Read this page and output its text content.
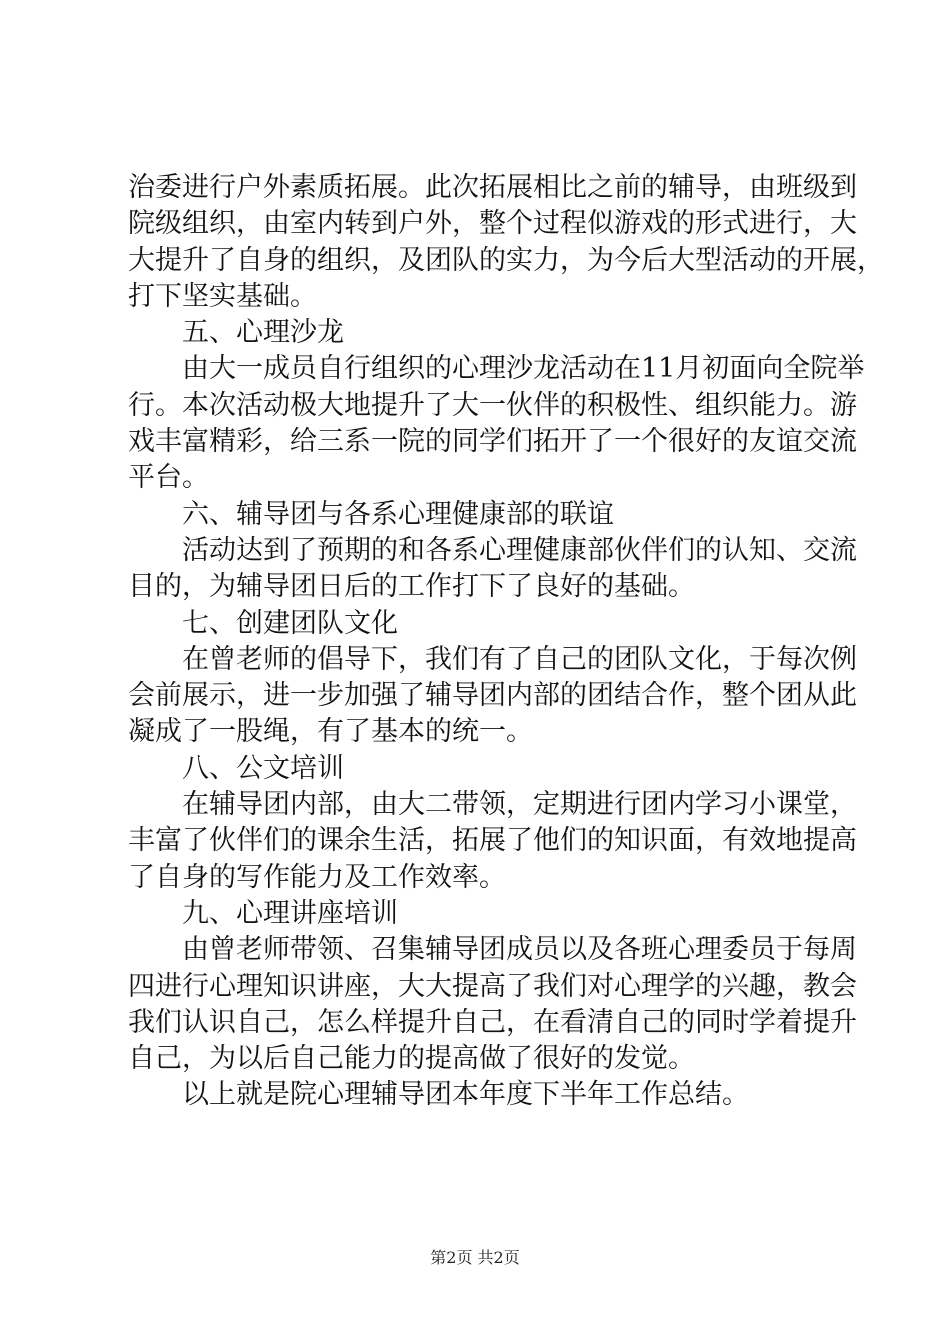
治委进行户外素质拓展。此次拓展相比之前的辅导，由班级到
院级组织，由室内转到户外，整个过程似游戏的形式进行，大
大提升了自身的组织，及团队的实力，为今后大型活动的开展，
打下坚实基础。
五、心理沙龙
由大一成员自行组织的心理沙龙活动在11月初面向全院举
行。本次活动极大地提升了大一伙伴的积极性、组织能力。游
戏丰富精彩，给三系一院的同学们拓开了一个很好的友谊交流
平台。
六、辅导团与各系心理健康部的联谊
活动达到了预期的和各系心理健康部伙伴们的认知、交流
目的，为辅导团日后的工作打下了良好的基础。
七、创建团队文化
在曾老师的倡导下，我们有了自己的团队文化，于每次例
会前展示，进一步加强了辅导团内部的团结合作，整个团从此
凝成了一股绳，有了基本的统一。
八、公文培训
在辅导团内部，由大二带领，定期进行团内学习小课堂，
丰富了伙伴们的课余生活，拓展了他们的知识面，有效地提高
了自身的写作能力及工作效率。
九、心理讲座培训
由曾老师带领、召集辅导团成员以及各班心理委员于每周
四进行心理知识讲座，大大提高了我们对心理学的兴趣，教会
我们认识自己，怎么样提升自己，在看清自己的同时学着提升
自己，为以后自己能力的提高做了很好的发觉。
以上就是院心理辅导团本年度下半年工作总结。
第2页 共2页
